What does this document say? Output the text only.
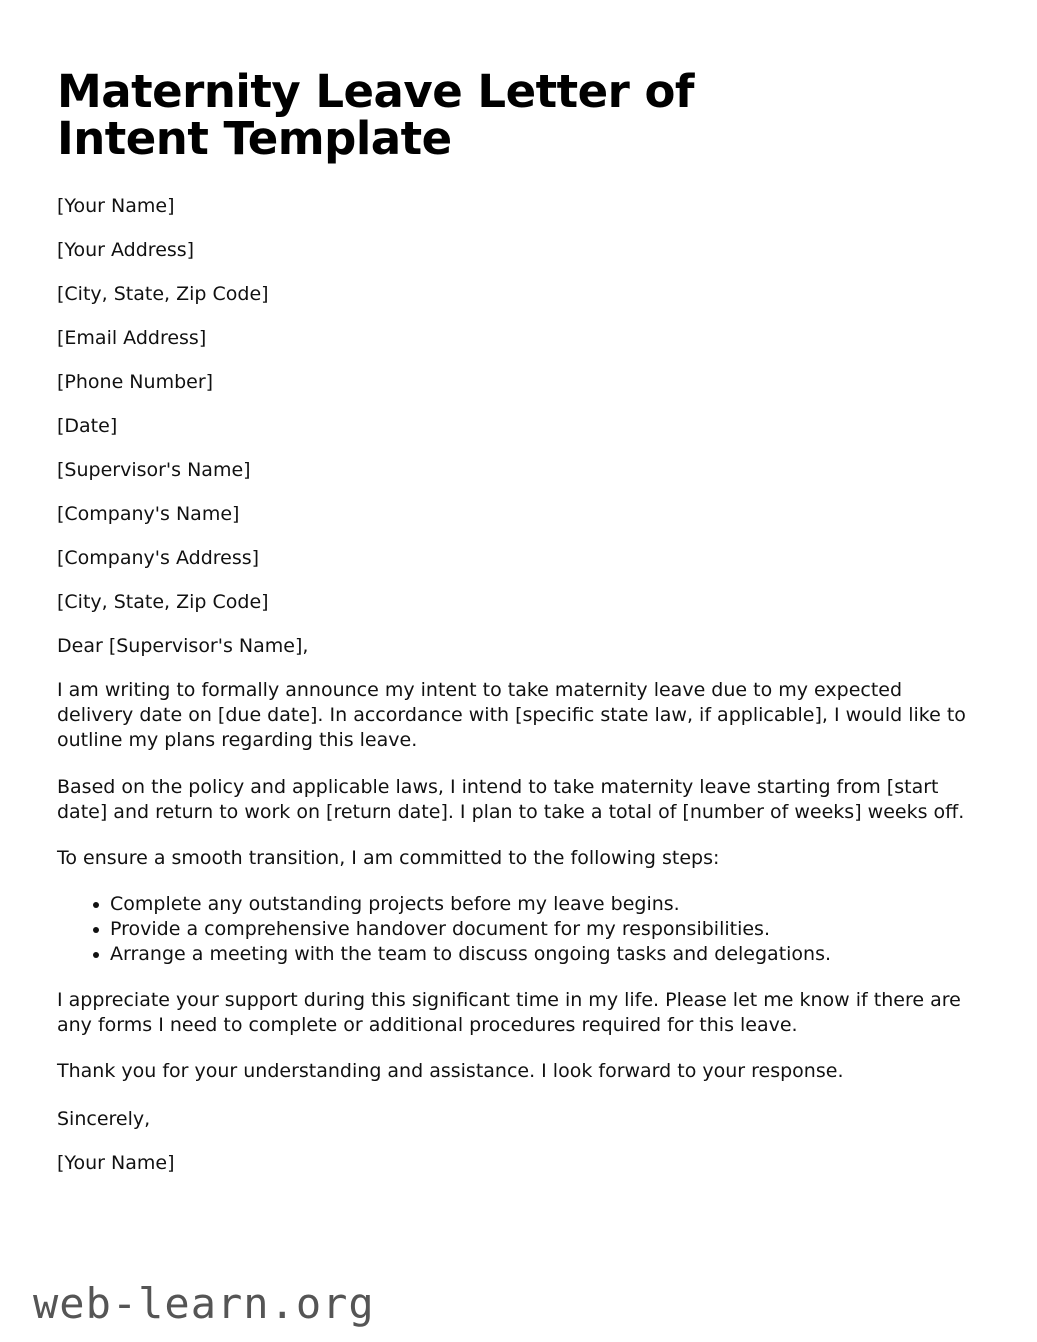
Maternity Leave Letter of Intent Template

[Your Name]

[Your Address]

[City, State, Zip Code]

[Email Address]

[Phone Number]

[Date]

[Supervisor's Name]

[Company's Name]

[Company's Address]

[City, State, Zip Code]

Dear [Supervisor's Name],

I am writing to formally announce my intent to take maternity leave due to my expected delivery date on [due date]. In accordance with [specific state law, if applicable], I would like to outline my plans regarding this leave.

Based on the policy and applicable laws, I intend to take maternity leave starting from [start date] and return to work on [return date]. I plan to take a total of [number of weeks] weeks off.

To ensure a smooth transition, I am committed to the following steps:

Complete any outstanding projects before my leave begins.
Provide a comprehensive handover document for my responsibilities.
Arrange a meeting with the team to discuss ongoing tasks and delegations.

I appreciate your support during this significant time in my life. Please let me know if there are any forms I need to complete or additional procedures required for this leave.

Thank you for your understanding and assistance. I look forward to your response.

Sincerely,

[Your Name]

web-learn.org
